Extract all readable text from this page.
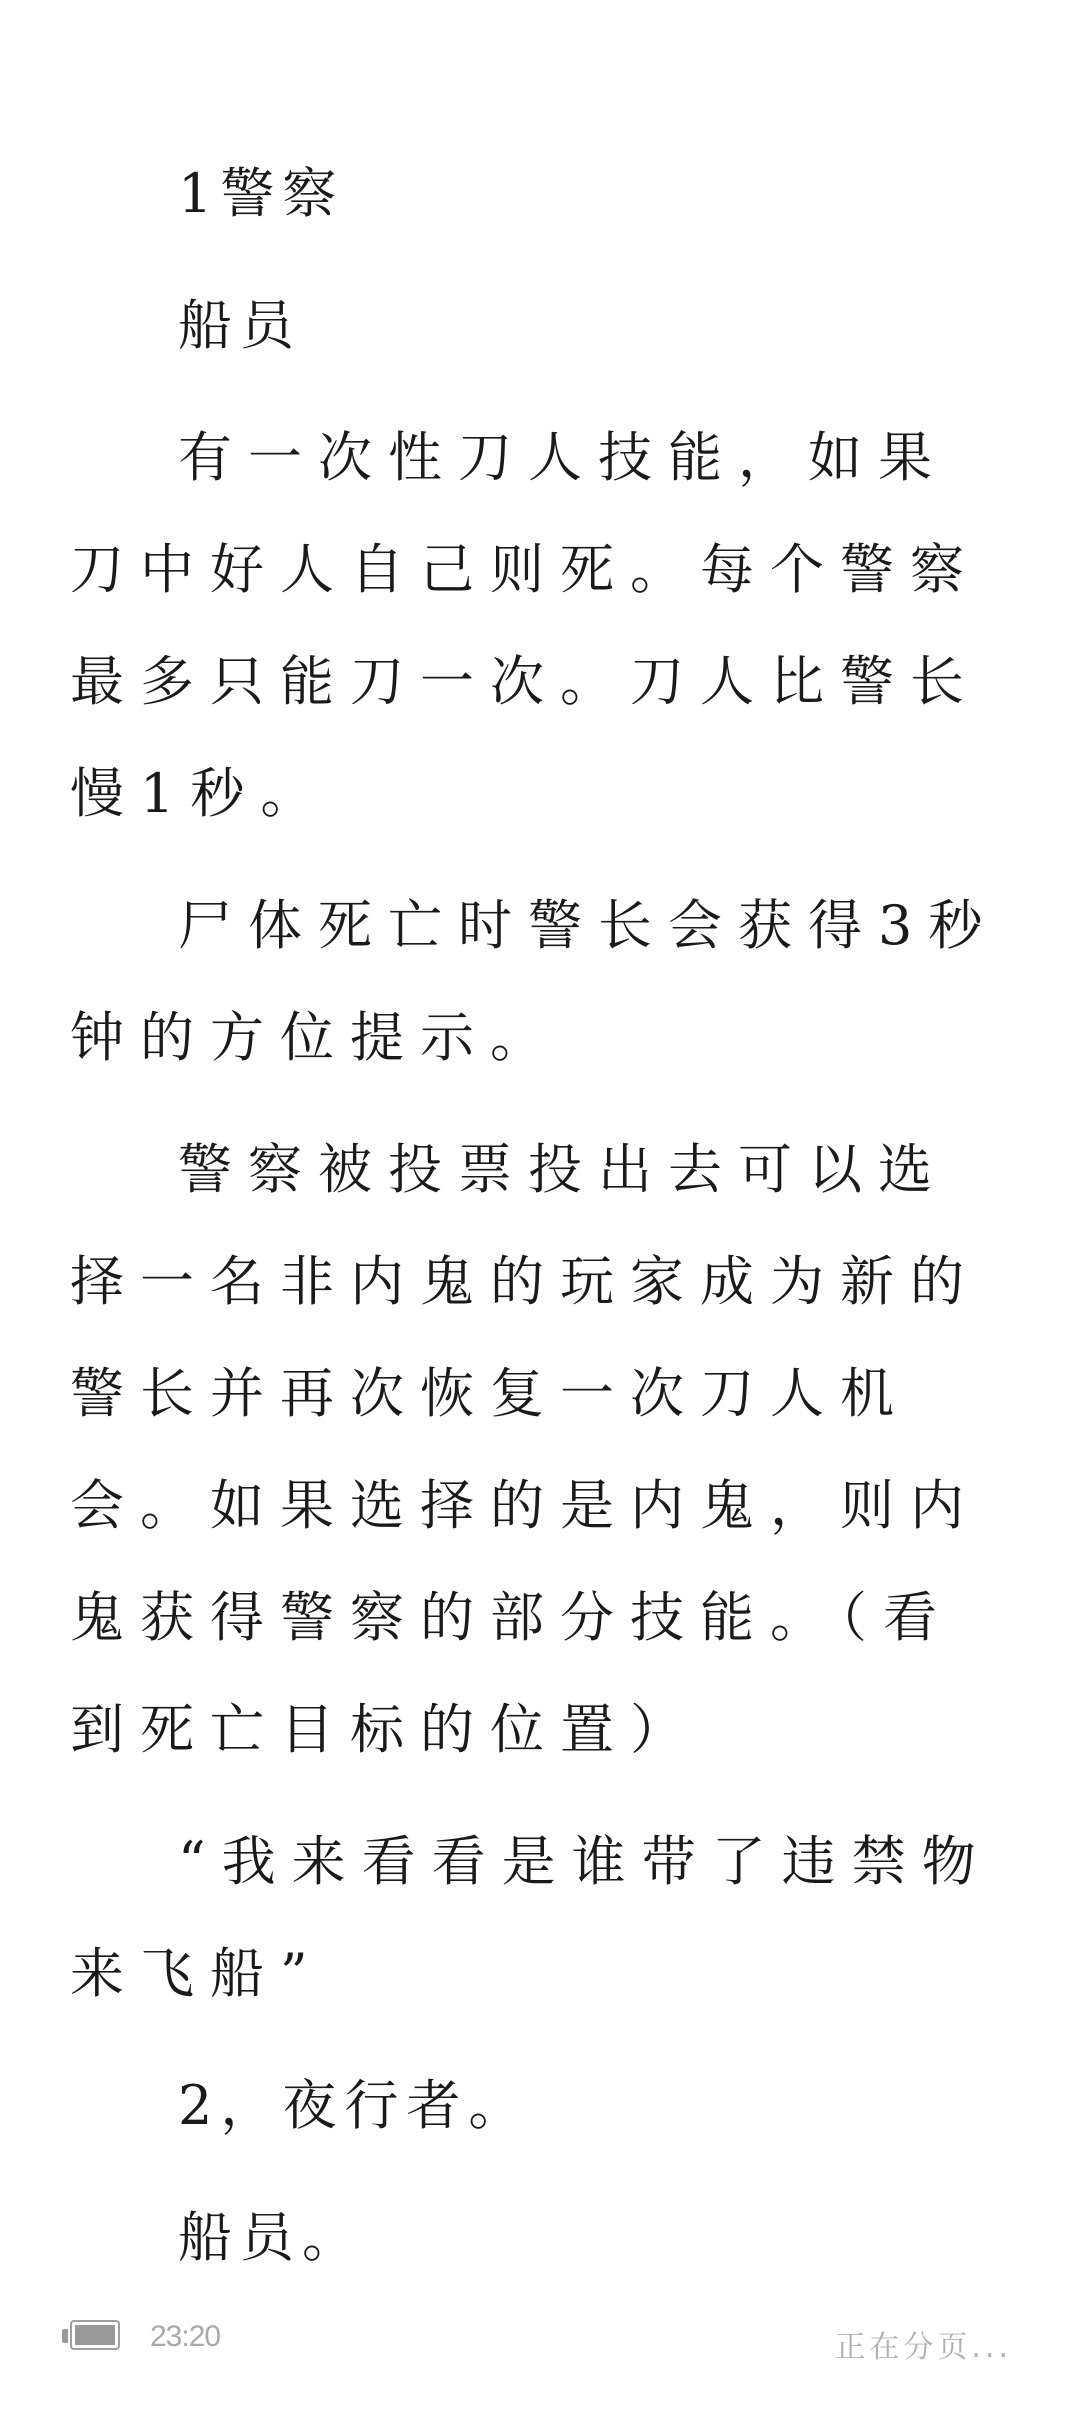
1警察

船员

有一次性刀人技能，如果刀中好人自己则死。每个警察最多只能刀一次。刀人比警长慢1秒。

尸体死亡时警长会获得3秒钟的方位提示。

警察被投票投出去可以选择一名非内鬼的玩家成为新的警长并再次恢复一次刀人机会。如果选择的是内鬼，则内鬼获得警察的部分技能。（看到死亡目标的位置）

“我来看看是谁带了违禁物来飞船”

2，夜行者。

船员。

23:20	正在分页...
